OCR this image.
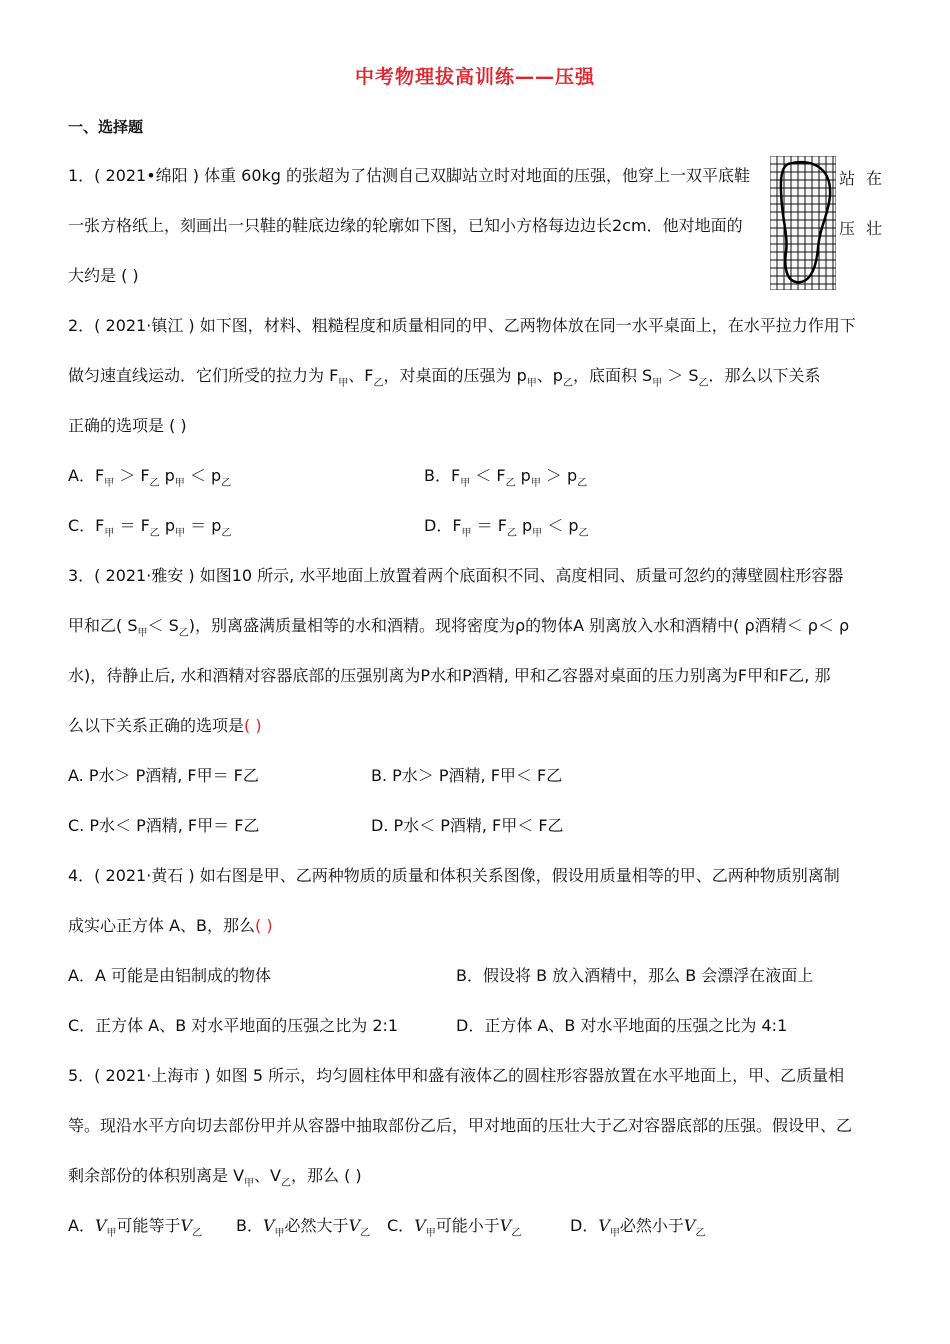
中考物理拔高训练——压强
一、选择题
1．( 2021•绵阳 ) 体重 60kg 的张超为了估测自己双脚站立时对地面的压强，他穿上一双平底鞋	站 在
一张方格纸上，刻画出一只鞋的鞋底边缘的轮廓如下图，已知小方格每边边长2cm．他对地面的	压 壮
大约是 ( )
2．( 2021·镇江 ) 如下图，材料、粗糙程度和质量相同的甲、乙两物体放在同一水平桌面上，在水平拉力作用下
做匀速直线运动．它们所受的拉力为 $F_甲$、$F_乙$，对桌面的压强为 $p_甲$、$p_乙$，底面积 $S_甲 > S_乙$．那么以下关系
正确的选项是 ( )
A．$F_甲 > F_乙$ $p_甲 < p_乙$	B．$F_甲 < F_乙$ $p_甲 > p_乙$
C．$F_甲 = F_乙$ $p_甲 = p_乙$	D．$F_甲 = F_乙$ $p_甲 < p_乙$
3．( 2021·雅安 ) 如图10 所示, 水平地面上放置着两个底面积不同、高度相同、质量可忽约的薄壁圆柱形容器
甲和乙( $S_甲< S_乙$)，别离盛满质量相等的水和酒精。现将密度为ρ的物体A 别离放入水和酒精中( ρ酒精＜ ρ＜ ρ
水)，待静止后, 水和酒精对容器底部的压强别离为P水和P酒精, 甲和乙容器对桌面的压力别离为F甲和F乙, 那
么以下关系正确的选项是( )
A. P水＞ P酒精, F甲＝ F乙	B. P水＞ P酒精, F甲＜ F乙
C. P水＜ P酒精, F甲＝ F乙	D. P水＜ P酒精, F甲＜ F乙
4．( 2021·黄石 ) 如右图是甲、乙两种物质的质量和体积关系图像，假设用质量相等的甲、乙两种物质别离制
成实心正方体 A、B，那么( )
A．A 可能是由铝制成的物体	B．假设将 B 放入酒精中，那么 B 会漂浮在液面上
C．正方体 A、B 对水平地面的压强之比为 2:1	D．正方体 A、B 对水平地面的压强之比为 4:1
5．( 2021·上海市 ) 如图 5 所示，均匀圆柱体甲和盛有液体乙的圆柱形容器放置在水平地面上，甲、乙质量相
等。现沿水平方向切去部份甲并从容器中抽取部份乙后，甲对地面的压壮大于乙对容器底部的压强。假设甲、乙
剩余部份的体积别离是 $V_甲$、$V_乙$，那么 ( )
A．$V_甲$可能等于$V_乙$ B．$V_甲$必然大于$V_乙$ C．$V_甲$可能小于$V_乙$	D．$V_甲$必然小于$V_乙$
